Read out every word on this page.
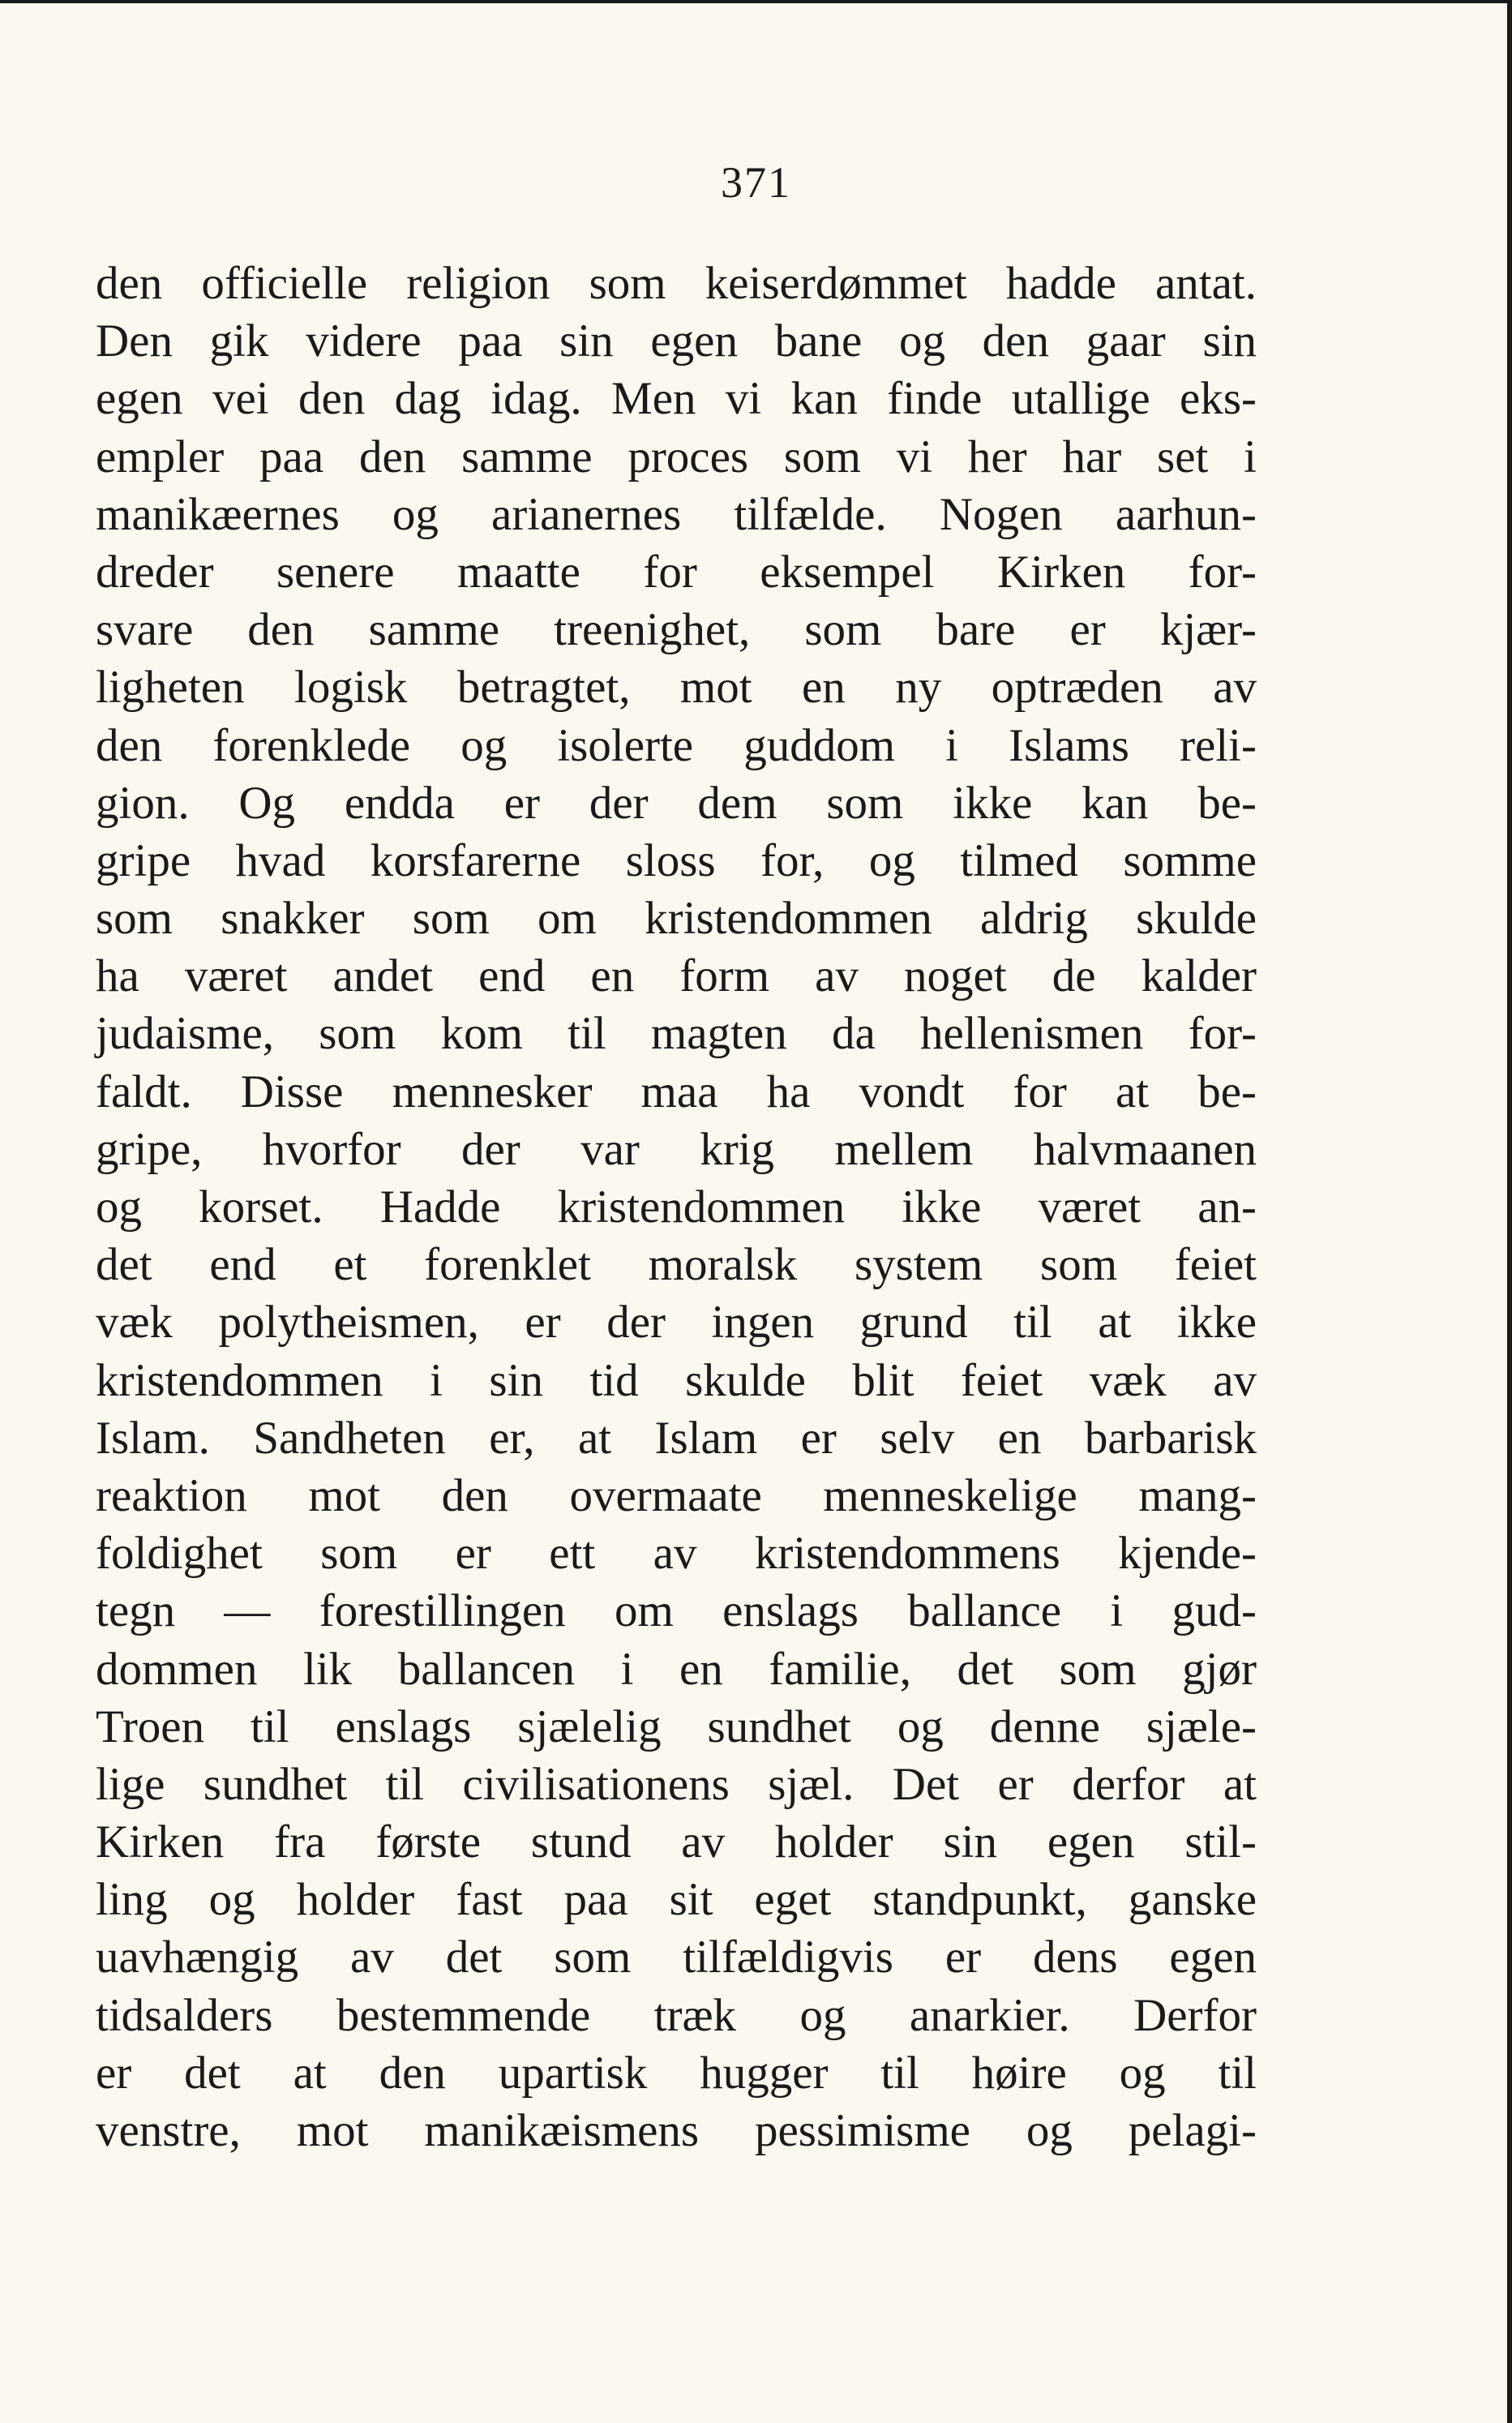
371
den officielle religion som keiserdømmet hadde antat.
Den gik videre paa sin egen bane og den gaar sin
egen vei den dag idag. Men vi kan finde utallige eks-
empler paa den samme proces som vi her har set i
manikæernes og arianernes tilfælde. Nogen aarhun-
dreder senere maatte for eksempel Kirken for-
svare den samme treenighet, som bare er kjær-
ligheten logisk betragtet, mot en ny optræden av
den forenklede og isolerte guddom i Islams reli-
gion. Og endda er der dem som ikke kan be-
gripe hvad korsfarerne sloss for, og tilmed somme
som snakker som om kristendommen aldrig skulde
ha været andet end en form av noget de kalder
judaisme, som kom til magten da hellenismen for-
faldt. Disse mennesker maa ha vondt for at be-
gripe, hvorfor der var krig mellem halvmaanen
og korset. Hadde kristendommen ikke været an-
det end et forenklet moralsk system som feiet
væk polytheismen, er der ingen grund til at ikke
kristendommen i sin tid skulde blit feiet væk av
Islam. Sandheten er, at Islam er selv en barbarisk
reaktion mot den overmaate menneskelige mang-
foldighet som er ett av kristendommens kjende-
tegn — forestillingen om enslags ballance i gud-
dommen lik ballancen i en familie, det som gjør
Troen til enslags sjælelig sundhet og denne sjæle-
lige sundhet til civilisationens sjæl. Det er derfor at
Kirken fra første stund av holder sin egen stil-
ling og holder fast paa sit eget standpunkt, ganske
uavhængig av det som tilfældigvis er dens egen
tidsalders bestemmende træk og anarkier. Derfor
er det at den upartisk hugger til høire og til
venstre, mot manikæismens pessimisme og pelagi-
